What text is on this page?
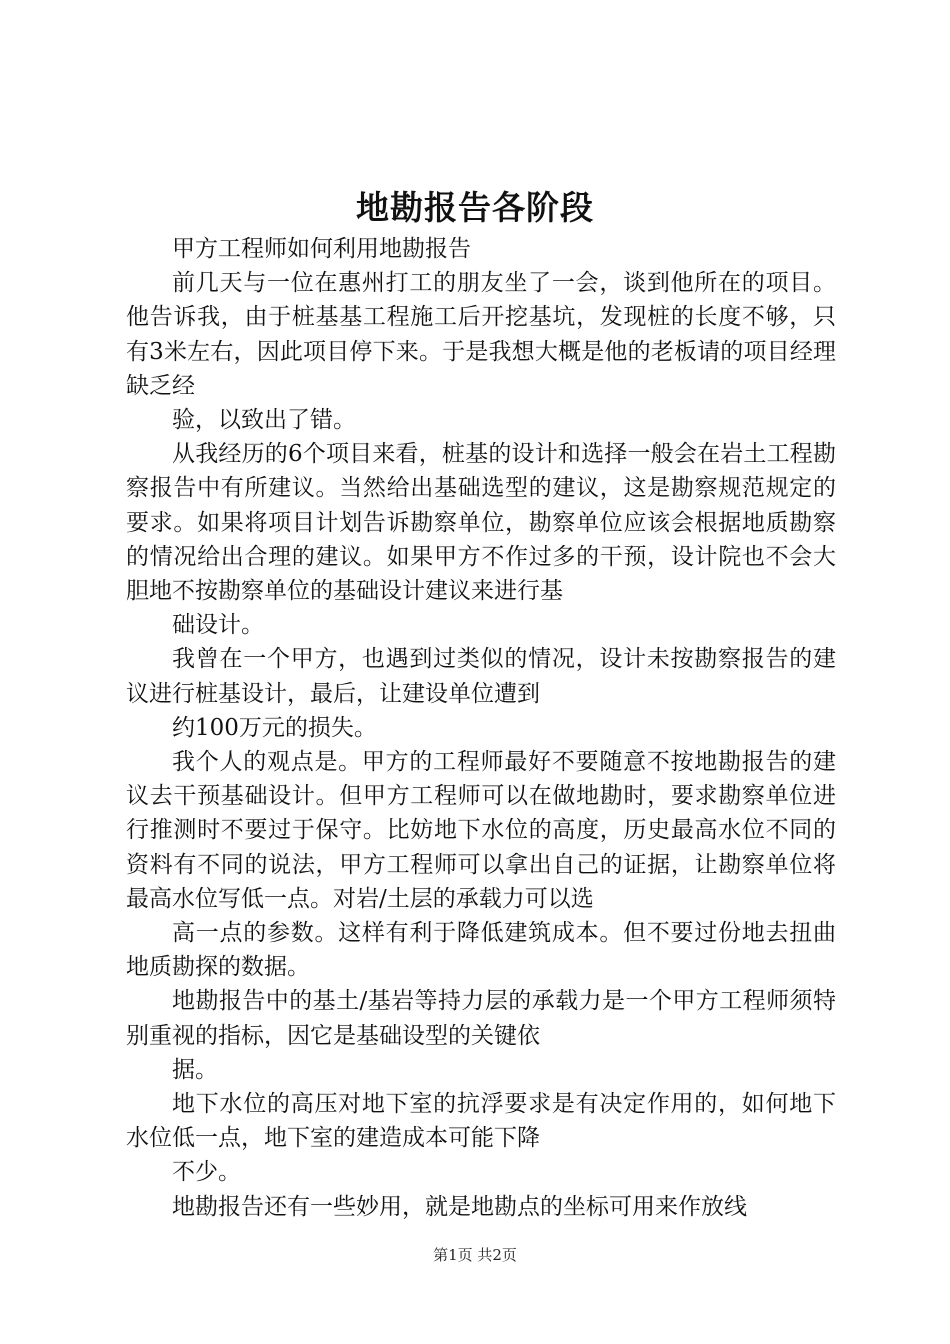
地勘报告各阶段

甲方工程师如何利用地勘报告

前几天与一位在惠州打工的朋友坐了一会，谈到他所在的项目。他告诉我，由于桩基基工程施工后开挖基坑，发现桩的长度不够，只有3米左右，因此项目停下来。于是我想大概是他的老板请的项目经理缺乏经

验，以致出了错。

从我经历的6个项目来看，桩基的设计和选择一般会在岩土工程勘察报告中有所建议。当然给出基础选型的建议，这是勘察规范规定的要求。如果将项目计划告诉勘察单位，勘察单位应该会根据地质勘察的情况给出合理的建议。如果甲方不作过多的干预，设计院也不会大胆地不按勘察单位的基础设计建议来进行基

础设计。

我曾在一个甲方，也遇到过类似的情况，设计未按勘察报告的建议进行桩基设计，最后，让建设单位遭到

约100万元的损失。

我个人的观点是。甲方的工程师最好不要随意不按地勘报告的建议去干预基础设计。但甲方工程师可以在做地勘时，要求勘察单位进行推测时不要过于保守。比妨地下水位的高度，历史最高水位不同的资料有不同的说法，甲方工程师可以拿出自己的证据，让勘察单位将最高水位写低一点。对岩/土层的承载力可以选

高一点的参数。这样有利于降低建筑成本。但不要过份地去扭曲地质勘探的数据。

地勘报告中的基土/基岩等持力层的承载力是一个甲方工程师须特别重视的指标，因它是基础设型的关键依

据。

地下水位的高压对地下室的抗浮要求是有决定作用的，如何地下水位低一点，地下室的建造成本可能下降

不少。

地勘报告还有一些妙用，就是地勘点的坐标可用来作放线

第1页 共2页
